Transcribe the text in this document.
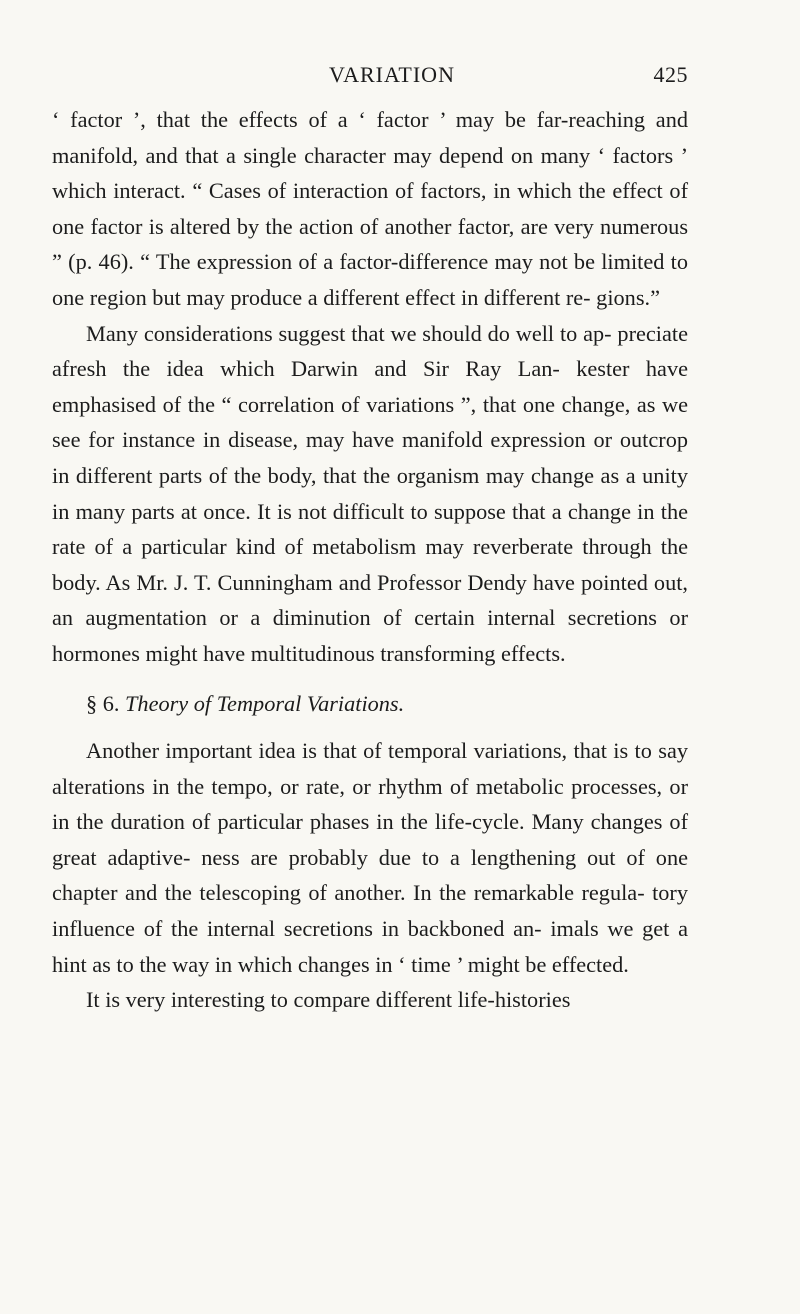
VARIATION	425

‘ factor ’, that the effects of a ‘ factor ’ may be far-reaching and manifold, and that a single character may depend on many ‘ factors ’ which interact. “ Cases of interaction of factors, in which the effect of one factor is altered by the action of another factor, are very numerous ” (p. 46). “ The expression of a factor-difference may not be limited to one region but may produce a different effect in different re- gions.”

Many considerations suggest that we should do well to ap- preciate afresh the idea which Darwin and Sir Ray Lan- kester have emphasised of the “ correlation of variations ”, that one change, as we see for instance in disease, may have manifold expression or outcrop in different parts of the body, that the organism may change as a unity in many parts at once. It is not difficult to suppose that a change in the rate of a particular kind of metabolism may reverberate through the body. As Mr. J. T. Cunningham and Professor Dendy have pointed out, an augmentation or a diminution of certain internal secretions or hormones might have multitudinous transforming effects.

§ 6. Theory of Temporal Variations.

Another important idea is that of temporal variations, that is to say alterations in the tempo, or rate, or rhythm of metabolic processes, or in the duration of particular phases in the life-cycle. Many changes of great adaptive- ness are probably due to a lengthening out of one chapter and the telescoping of another. In the remarkable regula- tory influence of the internal secretions in backboned an- imals we get a hint as to the way in which changes in ‘ time ’ might be effected.

It is very interesting to compare different life-histories
